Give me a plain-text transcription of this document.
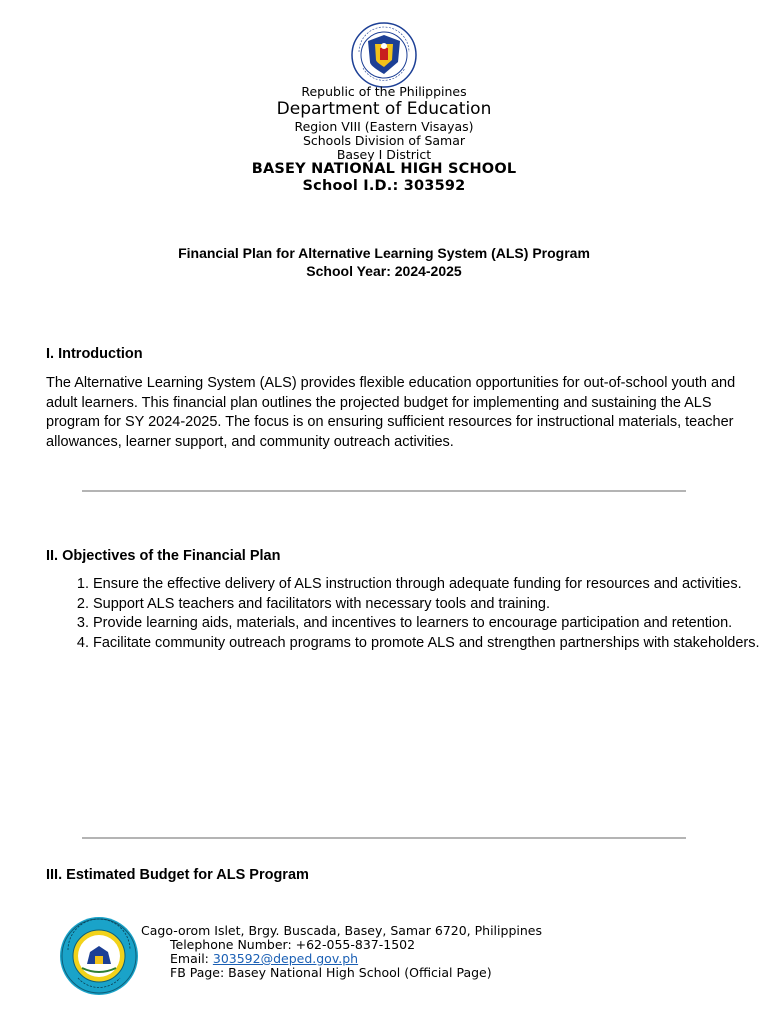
Republic of the Philippines
Department of Education
Region VIII (Eastern Visayas)
Schools Division of Samar
Basey I District
BASEY NATIONAL HIGH SCHOOL
School I.D.: 303592
Financial Plan for Alternative Learning System (ALS) Program
School Year: 2024-2025
I. Introduction

The Alternative Learning System (ALS) provides flexible education opportunities for out-of-school youth and adult learners. This financial plan outlines the projected budget for implementing and sustaining the ALS program for SY 2024-2025. The focus is on ensuring sufficient resources for instructional materials, teacher allowances, learner support, and community outreach activities.

II. Objectives of the Financial Plan
1. Ensure the effective delivery of ALS instruction through adequate funding for resources and activities.
2. Support ALS teachers and facilitators with necessary tools and training.
3. Provide learning aids, materials, and incentives to learners to encourage participation and retention.
4. Facilitate community outreach programs to promote ALS and strengthen partnerships with stakeholders.
III. Estimated Budget for ALS Program
Cago-orom Islet, Brgy. Buscada, Basey, Samar 6720, Philippines
Telephone Number: +62-055-837-1502
Email: 303592@deped.gov.ph
FB Page: Basey National High School (Official Page)
